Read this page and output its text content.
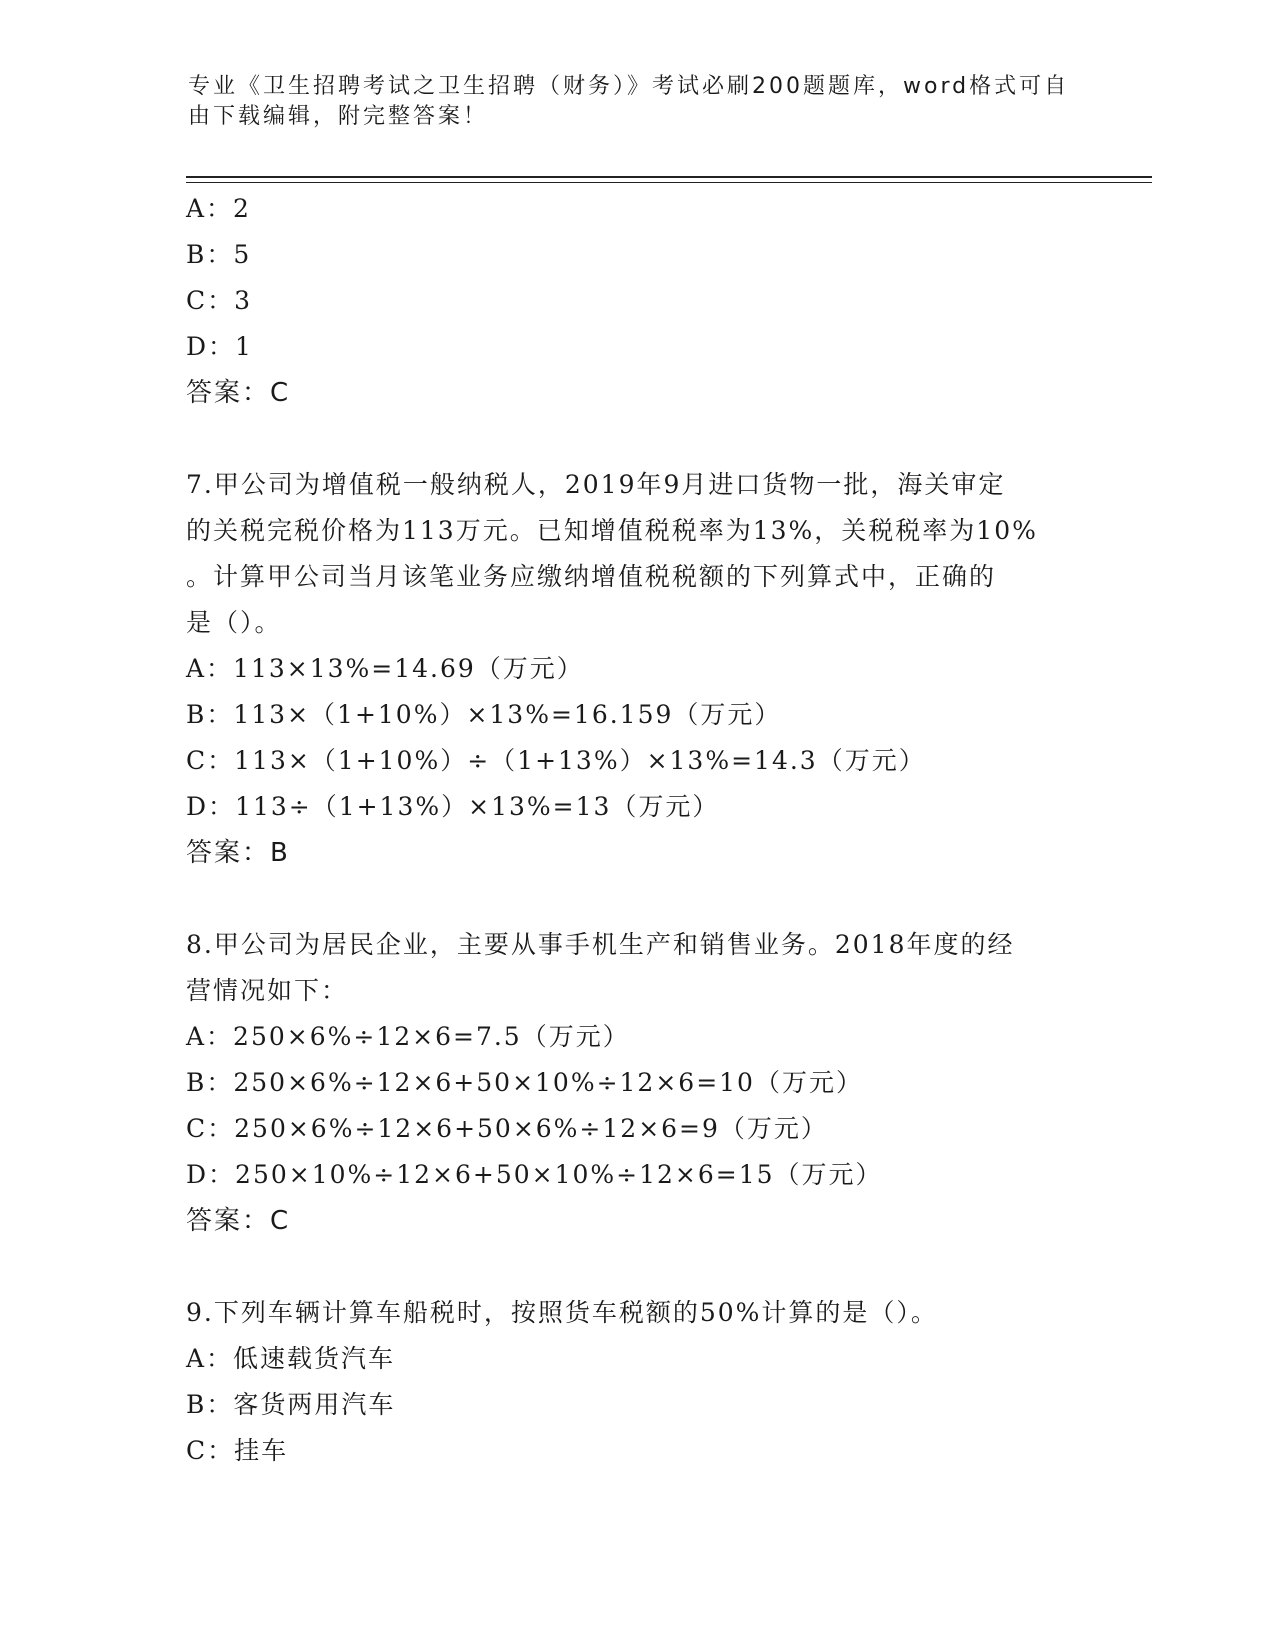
专业《卫生招聘考试之卫生招聘（财务）》考试必刷200题题库，word格式可自
由下载编辑，附完整答案！
A：2
B：5
C：3
D：1
答案：C
7.甲公司为增值税一般纳税人，2019年9月进口货物一批，海关审定
的关税完税价格为113万元。已知增值税税率为13%，关税税率为10%
。计算甲公司当月该笔业务应缴纳增值税税额的下列算式中，正确的
是（）。
A：113×13%=14.69（万元）
B：113×（1+10%）×13%=16.159（万元）
C：113×（1+10%）÷（1+13%）×13%=14.3（万元）
D：113÷（1+13%）×13%=13（万元）
答案：B
8.甲公司为居民企业，主要从事手机生产和销售业务。2018年度的经
营情况如下：
A：250×6%÷12×6=7.5（万元）
B：250×6%÷12×6+50×10%÷12×6=10（万元）
C：250×6%÷12×6+50×6%÷12×6=9（万元）
D：250×10%÷12×6+50×10%÷12×6=15（万元）
答案：C
9.下列车辆计算车船税时，按照货车税额的50%计算的是（）。
A：低速载货汽车
B：客货两用汽车
C：挂车
